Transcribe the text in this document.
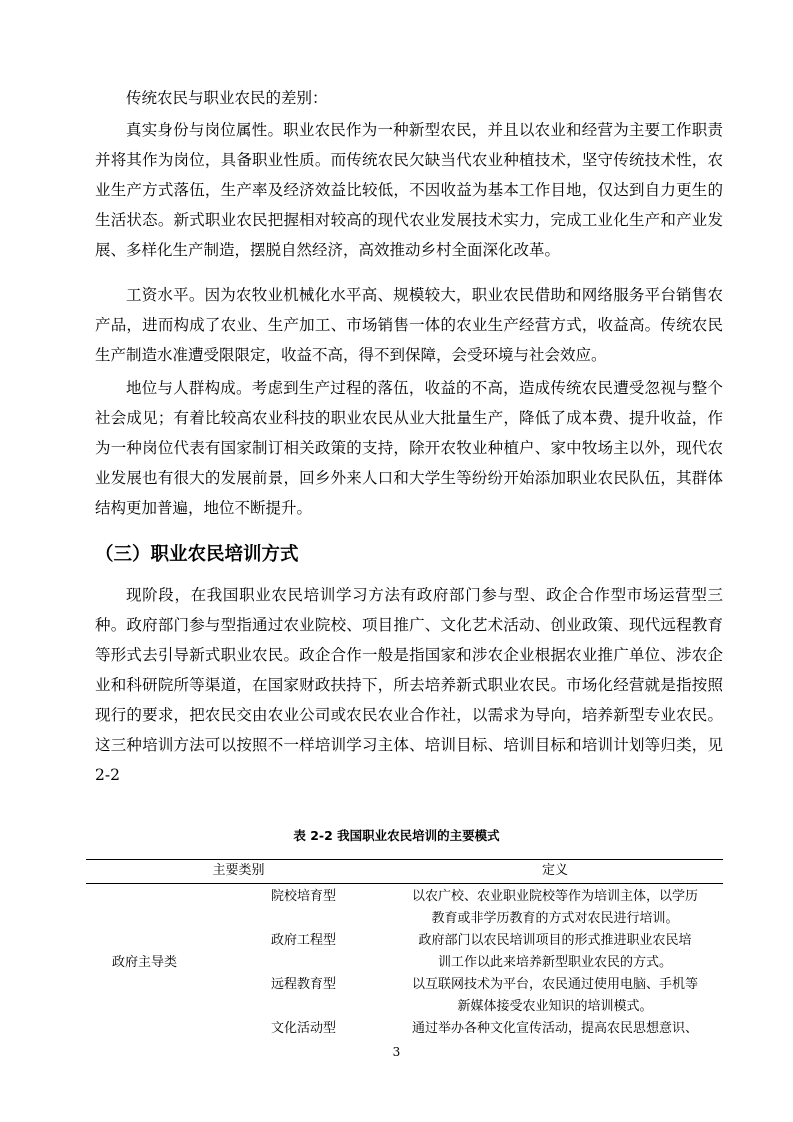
传统农民与职业农民的差别：

真实身份与岗位属性。职业农民作为一种新型农民，并且以农业和经营为主要工作职责并将其作为岗位，具备职业性质。而传统农民欠缺当代农业种植技术，坚守传统技术性，农业生产方式落伍，生产率及经济效益比较低，不因收益为基本工作目地，仅达到自力更生的生活状态。新式职业农民把握相对较高的现代农业发展技术实力，完成工业化生产和产业发展、多样化生产制造，摆脱自然经济，高效推动乡村全面深化改革。

工资水平。因为农牧业机械化水平高、规模较大，职业农民借助和网络服务平台销售农产品，进而构成了农业、生产加工、市场销售一体的农业生产经营方式，收益高。传统农民生产制造水准遭受限限定，收益不高，得不到保障，会受环境与社会效应。

地位与人群构成。考虑到生产过程的落伍，收益的不高，造成传统农民遭受忽视与整个社会成见；有着比较高农业科技的职业农民从业大批量生产，降低了成本费、提升收益，作为一种岗位代表有国家制订相关政策的支持，除开农牧业种植户、家中牧场主以外，现代农业发展也有很大的发展前景，回乡外来人口和大学生等纷纷开始添加职业农民队伍，其群体结构更加普遍，地位不断提升。

（三）职业农民培训方式

现阶段，在我国职业农民培训学习方法有政府部门参与型、政企合作型市场运营型三种。政府部门参与型指通过农业院校、项目推广、文化艺术活动、创业政策、现代远程教育等形式去引导新式职业农民。政企合作一般是指国家和涉农企业根据农业推广单位、涉农企业和科研院所等渠道，在国家财政扶持下，所去培养新式职业农民。市场化经营就是指按照现行的要求，把农民交由农业公司或农民农业合作社，以需求为导向，培养新型专业农民。这三种培训方法可以按照不一样培训学习主体、培训目标、培训目标和培训计划等归类，见 2-2

表 2-2 我国职业农民培训的主要模式
主要类别	定义
政府主导类
院校培育型	以农广校、农业职业院校等作为培训主体，以学历
教育或非学历教育的方式对农民进行培训。
政府工程型	政府部门以农民培训项目的形式推进职业农民培
训工作以此来培养新型职业农民的方式。
远程教育型	以互联网技术为平台，农民通过使用电脑、手机等
新媒体接受农业知识的培训模式。
文化活动型	通过举办各种文化宣传活动，提高农民思想意识、
3
